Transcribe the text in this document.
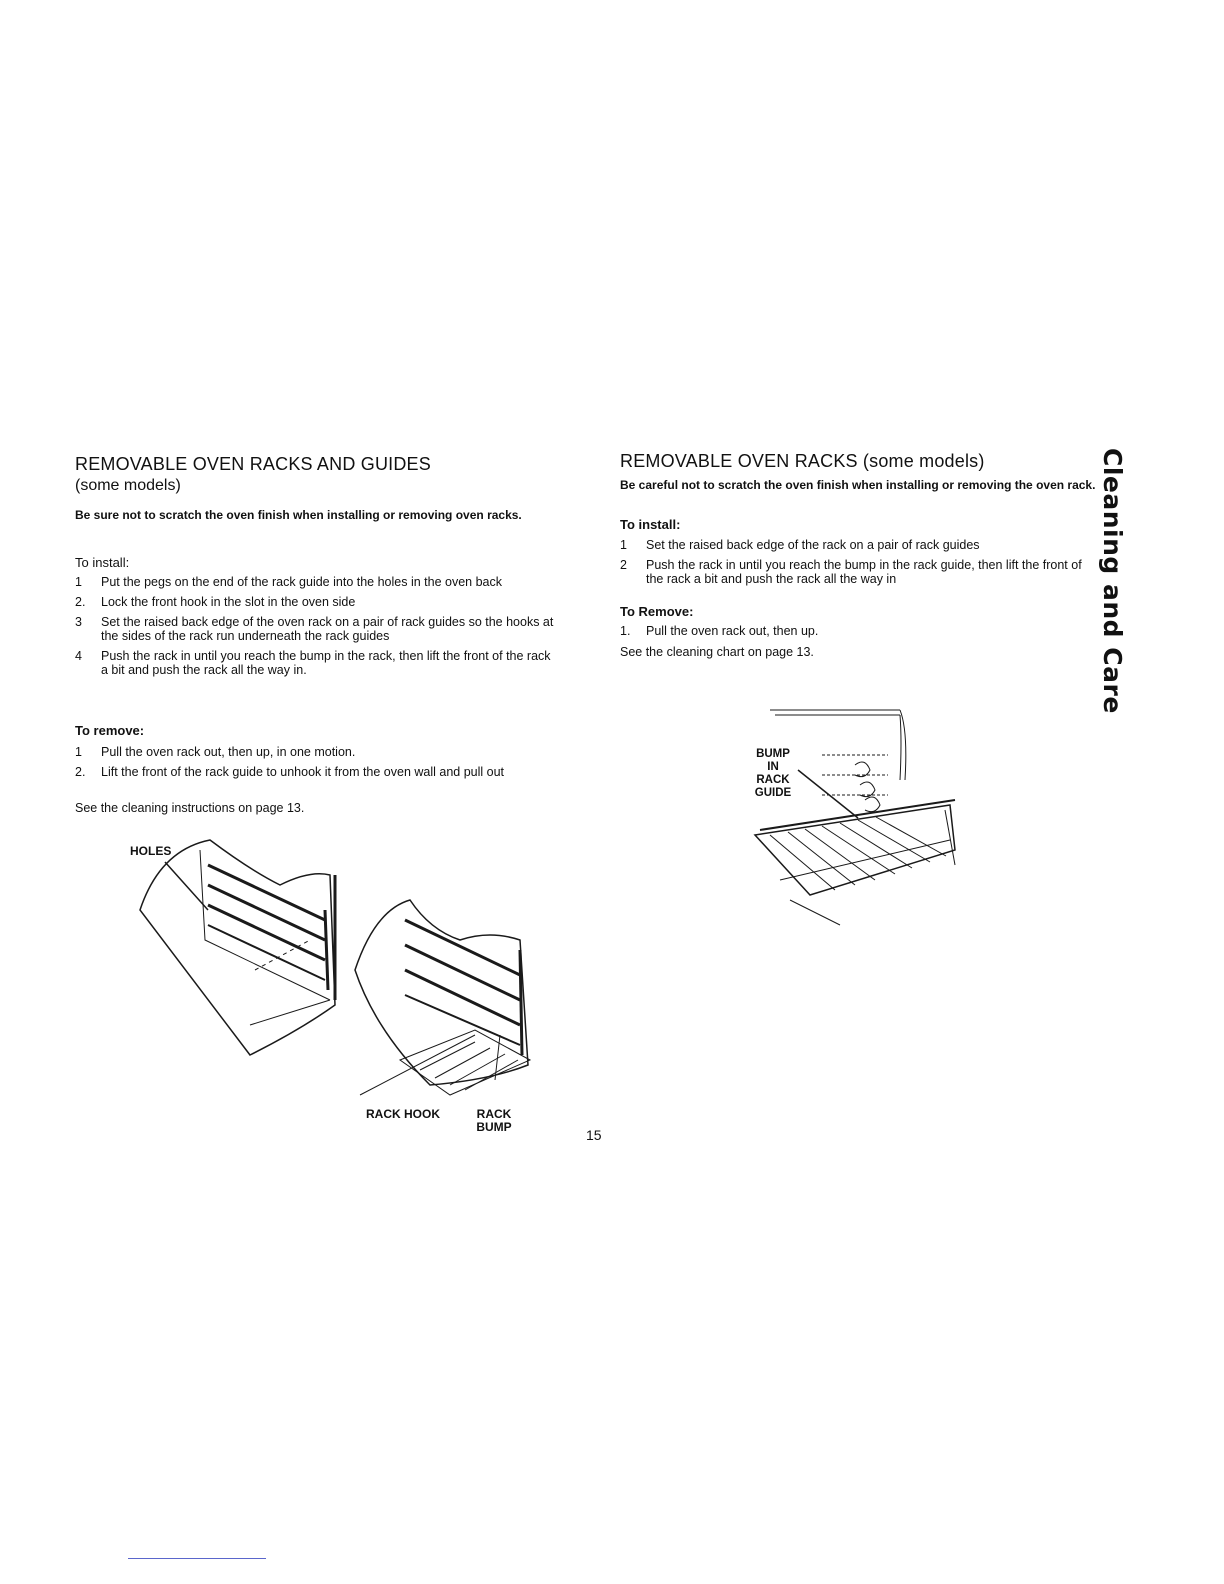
Cleaning and Care
REMOVABLE OVEN RACKS AND GUIDES
(some models)
Be sure not to scratch the oven finish when installing or removing oven racks.
To install:
1	Put the pegs on the end of the rack guide into the holes in the oven back
2.	Lock the front hook in the slot in the oven side
3	Set the raised back edge of the oven rack on a pair of rack guides so the hooks at the sides of the rack run underneath the rack guides
4	Push the rack in until you reach the bump in the rack, then lift the front of the rack a bit and push the rack all the way in.
To remove:
1	Pull the oven rack out, then up, in one motion.
2.	Lift the front of the rack guide to unhook it from the oven wall and pull out
See the cleaning instructions on page 13.
HOLES
RACK HOOK	RACK BUMP
REMOVABLE OVEN RACKS (some models)
Be careful not to scratch the oven finish when installing or removing the oven rack.
To install:
1	Set the raised back edge of the rack on a pair of rack guides
2	Push the rack in until you reach the bump in the rack guide, then lift the front of the rack a bit and push the rack all the way in
To Remove:
1.	Pull the oven rack out, then up.
See the cleaning chart on page 13.
BUMP IN RACK GUIDE
15
